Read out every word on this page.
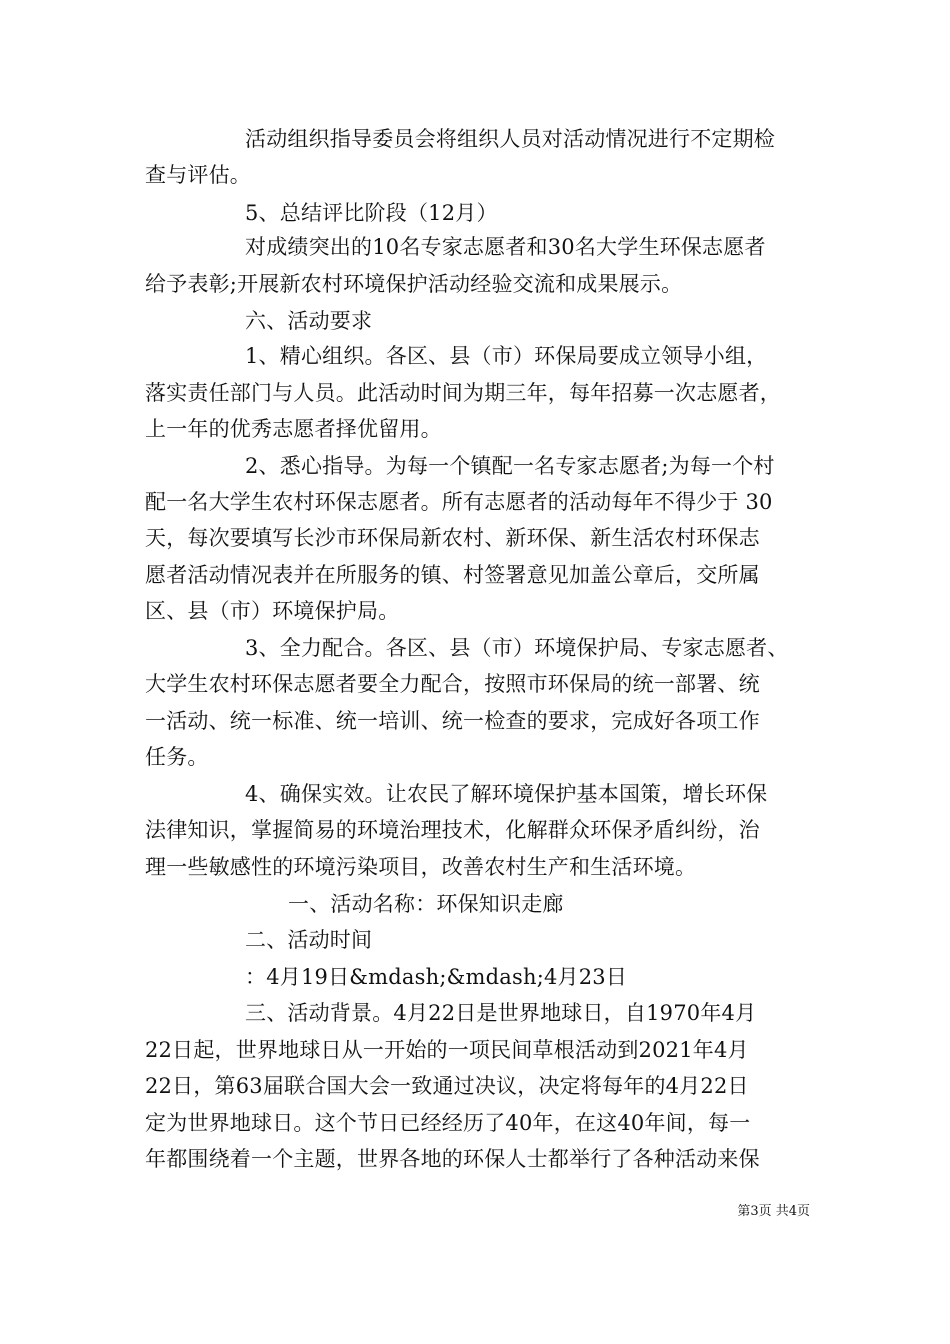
活动组织指导委员会将组织人员对活动情况进行不定期检
查与评估。
5、总结评比阶段（12月）
对成绩突出的10名专家志愿者和30名大学生环保志愿者
给予表彰;开展新农村环境保护活动经验交流和成果展示。
六、活动要求
1、精心组织。各区、县（市）环保局要成立领导小组，
落实责任部门与人员。此活动时间为期三年，每年招募一次志愿者，
上一年的优秀志愿者择优留用。
2、悉心指导。为每一个镇配一名专家志愿者;为每一个村
配一名大学生农村环保志愿者。所有志愿者的活动每年不得少于 30
天，每次要填写长沙市环保局新农村、新环保、新生活农村环保志
愿者活动情况表并在所服务的镇、村签署意见加盖公章后，交所属
区、县（市）环境保护局。
3、全力配合。各区、县（市）环境保护局、专家志愿者、
大学生农村环保志愿者要全力配合，按照市环保局的统一部署、统
一活动、统一标准、统一培训、统一检查的要求，完成好各项工作
任务。
4、确保实效。让农民了解环境保护基本国策，增长环保
法律知识，掌握简易的环境治理技术，化解群众环保矛盾纠纷，治
理一些敏感性的环境污染项目，改善农村生产和生活环境。
一、活动名称：环保知识走廊
二、活动时间
：4月19日&mdash;&mdash;4月23日
三、活动背景。4月22日是世界地球日，自1970年4月
22日起，世界地球日从一开始的一项民间草根活动到2021年4月
22日，第63届联合国大会一致通过决议，决定将每年的4月22日
定为世界地球日。这个节日已经经历了40年，在这40年间，每一
年都围绕着一个主题，世界各地的环保人士都举行了各种活动来保
第3页 共4页
